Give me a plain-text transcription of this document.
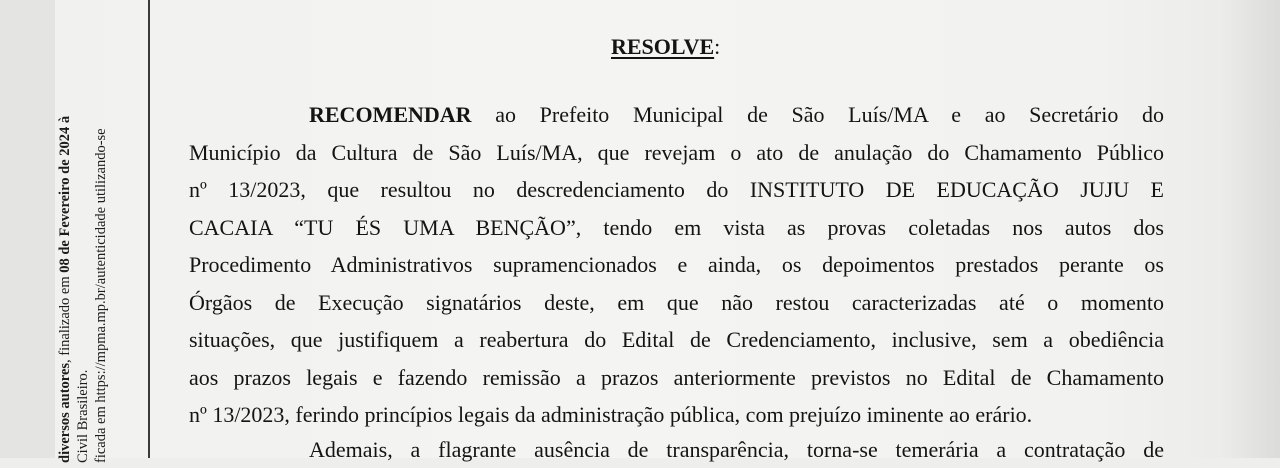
diversos autores, finalizado em 08 de Fevereiro de 2024 à
Civil Brasileiro. ficada em https://mpma.mp.br/autenticidade utilizando-se
RESOLVE:
RECOMENDAR ao Prefeito Municipal de São Luís/MA e ao Secretário do
Município da Cultura de São Luís/MA, que revejam o ato de anulação do Chamamento Público
nº 13/2023, que resultou no descredenciamento do INSTITUTO DE EDUCAÇÃO JUJU E
CACAIA “TU ÉS UMA BENÇÃO”, tendo em vista as provas coletadas nos autos dos
Procedimento Administrativos supramencionados e ainda, os depoimentos prestados perante os
Órgãos de Execução signatários deste, em que não restou caracterizadas até o momento
situações, que justifiquem a reabertura do Edital de Credenciamento, inclusive, sem a obediência
aos prazos legais e fazendo remissão a prazos anteriormente previstos no Edital de Chamamento
nº 13/2023, ferindo princípios legais da administração pública, com prejuízo iminente ao erário.
Ademais, a flagrante ausência de transparência, torna-se temerária a contratação de
